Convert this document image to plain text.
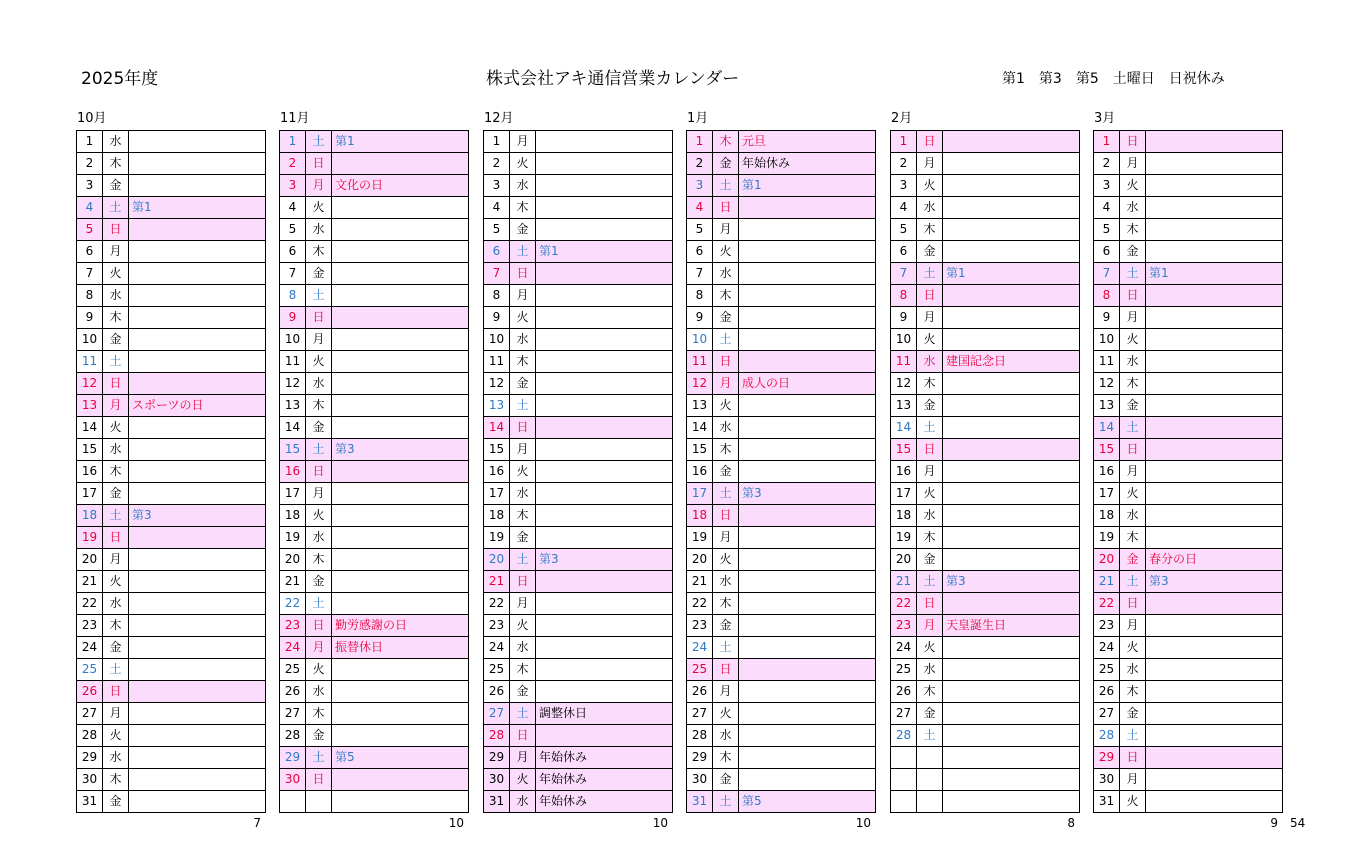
2025年度	株式会社アキ通信営業カレンダー	第1　第3　第5　土曜日　日祝休み
10月
1	水	
2	木	
3	金	
4	土	第1
5	日	
6	月	
7	火	
8	水	
9	木	
10	金	
11	土	
12	日	
13	月	スポーツの日
14	火	
15	水	
16	木	
17	金	
18	土	第3
19	日	
20	月	
21	火	
22	水	
23	木	
24	金	
25	土	
26	日	
27	月	
28	火	
29	水	
30	木	
31	金	
7
11月
1	土	第1
2	日	
3	月	文化の日
4	火	
5	水	
6	木	
7	金	
8	土	
9	日	
10	月	
11	火	
12	水	
13	木	
14	金	
15	土	第3
16	日	
17	月	
18	火	
19	水	
20	木	
21	金	
22	土	
23	日	勤労感謝の日
24	月	振替休日
25	火	
26	水	
27	木	
28	金	
29	土	第5
30	日	

10
12月
1	月	
2	火	
3	水	
4	木	
5	金	
6	土	第1
7	日	
8	月	
9	火	
10	水	
11	木	
12	金	
13	土	
14	日	
15	月	
16	火	
17	水	
18	木	
19	金	
20	土	第3
21	日	
22	月	
23	火	
24	水	
25	木	
26	金	
27	土	調整休日
28	日	
29	月	年始休み
30	火	年始休み
31	水	年始休み
10
1月
1	木	元旦
2	金	年始休み
3	土	第1
4	日	
5	月	
6	火	
7	水	
8	木	
9	金	
10	土	
11	日	
12	月	成人の日
13	火	
14	水	
15	木	
16	金	
17	土	第3
18	日	
19	月	
20	火	
21	水	
22	木	
23	金	
24	土	
25	日	
26	月	
27	火	
28	水	
29	木	
30	金	
31	土	第5
10
2月
1	日	
2	月	
3	火	
4	水	
5	木	
6	金	
7	土	第1
8	日	
9	月	
10	火	
11	水	建国記念日
12	木	
13	金	
14	土	
15	日	
16	月	
17	火	
18	水	
19	木	
20	金	
21	土	第3
22	日	
23	月	天皇誕生日
24	火	
25	水	
26	木	
27	金	
28	土	

8
3月
1	日	
2	月	
3	火	
4	水	
5	木	
6	金	
7	土	第1
8	日	
9	月	
10	火	
11	水	
12	木	
13	金	
14	土	
15	日	
16	月	
17	火	
18	水	
19	木	
20	金	春分の日
21	土	第3
22	日	
23	月	
24	火	
25	水	
26	木	
27	金	
28	土	
29	日	
30	月	
31	火	
9 54
